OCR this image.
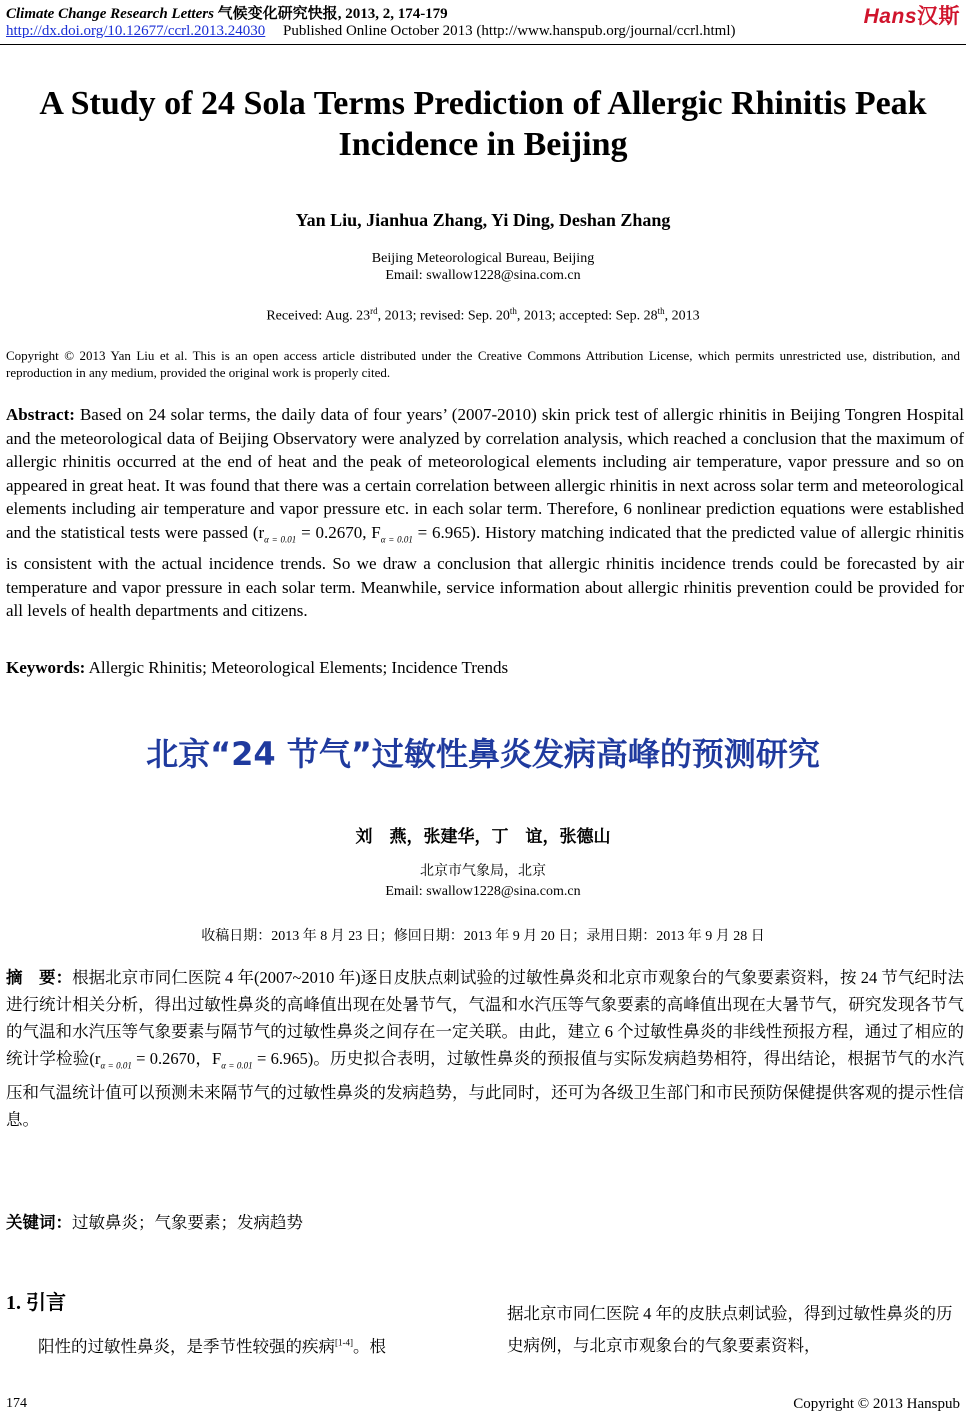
Climate Change Research Letters 气候变化研究快报, 2013, 2, 174-179
http://dx.doi.org/10.12677/ccrl.2013.24030 Published Online October 2013 (http://www.hanspub.org/journal/ccrl.html)
Hans汉斯
A Study of 24 Sola Terms Prediction of Allergic Rhinitis Peak
Incidence in Beijing
Yan Liu, Jianhua Zhang, Yi Ding, Deshan Zhang
Beijing Meteorological Bureau, Beijing
Email: swallow1228@sina.com.cn
Received: Aug. 23rd, 2013; revised: Sep. 20th, 2013; accepted: Sep. 28th, 2013
Copyright © 2013 Yan Liu et al. This is an open access article distributed under the Creative Commons Attribution License, which permits unrestricted use, distribution, and reproduction in any medium, provided the original work is properly cited.
Abstract: Based on 24 solar terms, the daily data of four years’ (2007-2010) skin prick test of allergic rhinitis in Beijing Tongren Hospital and the meteorological data of Beijing Observatory were analyzed by correlation analysis, which reached a conclusion that the maximum of allergic rhinitis occurred at the end of heat and the peak of meteorological elements including air temperature, vapor pressure and so on appeared in great heat. It was found that there was a certain correlation between allergic rhinitis in next across solar term and meteorological elements including air temperature and vapor pressure etc. in each solar term. Therefore, 6 nonlinear prediction equations were established and the statistical tests were passed ($r_{\alpha = 0.01} = 0.2670$, $F_{\alpha = 0.01} = 6.965$). History matching indicated that the predicted value of allergic rhinitis is consistent with the actual incidence trends. So we draw a conclusion that allergic rhinitis incidence trends could be forecasted by air temperature and vapor pressure in each solar term. Meanwhile, service information about allergic rhinitis prevention could be provided for all levels of health departments and citizens.
Keywords: Allergic Rhinitis; Meteorological Elements; Incidence Trends
北京“24 节气”过敏性鼻炎发病高峰的预测研究
刘　燕，张建华，丁　谊，张德山
北京市气象局，北京
Email: swallow1228@sina.com.cn
收稿日期：2013 年 8 月 23 日；修回日期：2013 年 9 月 20 日；录用日期：2013 年 9 月 28 日
摘　要：根据北京市同仁医院 4 年(2007~2010 年)逐日皮肤点刺试验的过敏性鼻炎和北京市观象台的气象要素资料，按 24 节气纪时法进行统计相关分析，得出过敏性鼻炎的高峰值出现在处暑节气，气温和水汽压等气象要素的高峰值出现在大暑节气，研究发现各节气的气温和水汽压等气象要素与隔节气的过敏性鼻炎之间存在一定关联。由此，建立 6 个过敏性鼻炎的非线性预报方程，通过了相应的统计学检验($r_{\alpha = 0.01} = 0.2670$，$F_{\alpha = 0.01} = 6.965$)。历史拟合表明，过敏性鼻炎的预报值与实际发病趋势相符，得出结论，根据节气的水汽压和气温统计值可以预测未来隔节气的过敏性鼻炎的发病趋势，与此同时，还可为各级卫生部门和市民预防保健提供客观的提示性信息。
关键词：过敏鼻炎；气象要素；发病趋势
1. 引言
阳性的过敏性鼻炎，是季节性较强的疾病[1-4]。根
据北京市同仁医院 4 年的皮肤点刺试验，得到过敏性鼻炎的历史病例，与北京市观象台的气象要素资料，
174	Copyright © 2013 Hanspub
